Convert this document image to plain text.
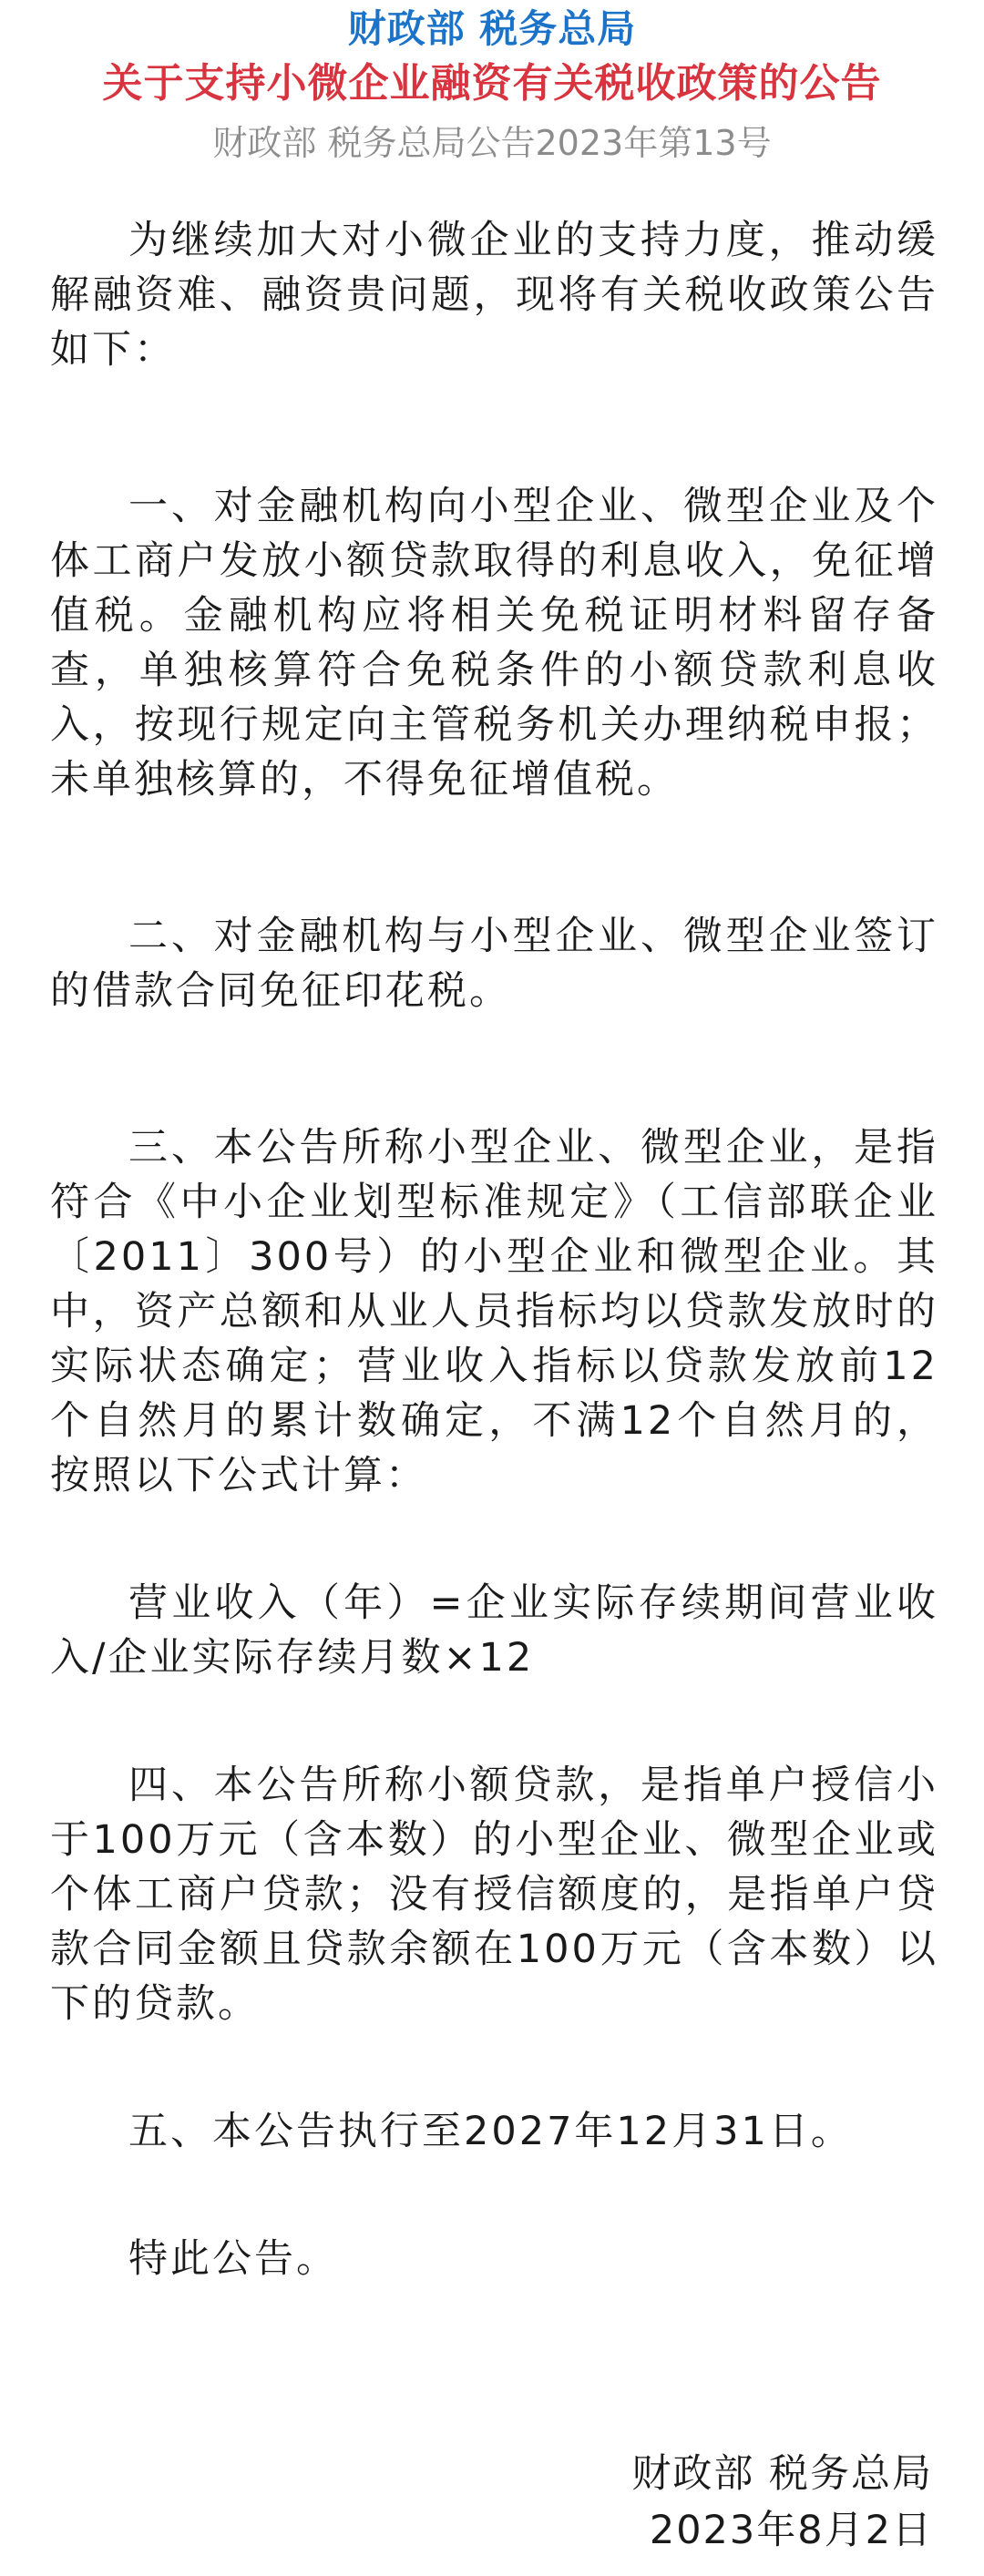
财政部 税务总局
关于支持小微企业融资有关税收政策的公告
财政部 税务总局公告2023年第13号

为继续加大对小微企业的支持力度，推动缓解融资难、融资贵问题，现将有关税收政策公告如下：

一、对金融机构向小型企业、微型企业及个体工商户发放小额贷款取得的利息收入，免征增值税。金融机构应将相关免税证明材料留存备查，单独核算符合免税条件的小额贷款利息收入，按现行规定向主管税务机关办理纳税申报；未单独核算的，不得免征增值税。

二、对金融机构与小型企业、微型企业签订的借款合同免征印花税。

三、本公告所称小型企业、微型企业，是指符合《中小企业划型标准规定》（工信部联企业〔2011〕300号）的小型企业和微型企业。其中，资产总额和从业人员指标均以贷款发放时的实际状态确定；营业收入指标以贷款发放前12个自然月的累计数确定，不满12个自然月的，按照以下公式计算：

营业收入（年）=企业实际存续期间营业收入/企业实际存续月数×12

四、本公告所称小额贷款，是指单户授信小于100万元（含本数）的小型企业、微型企业或个体工商户贷款；没有授信额度的，是指单户贷款合同金额且贷款余额在100万元（含本数）以下的贷款。

五、本公告执行至2027年12月31日。

特此公告。

财政部 税务总局
2023年8月2日
